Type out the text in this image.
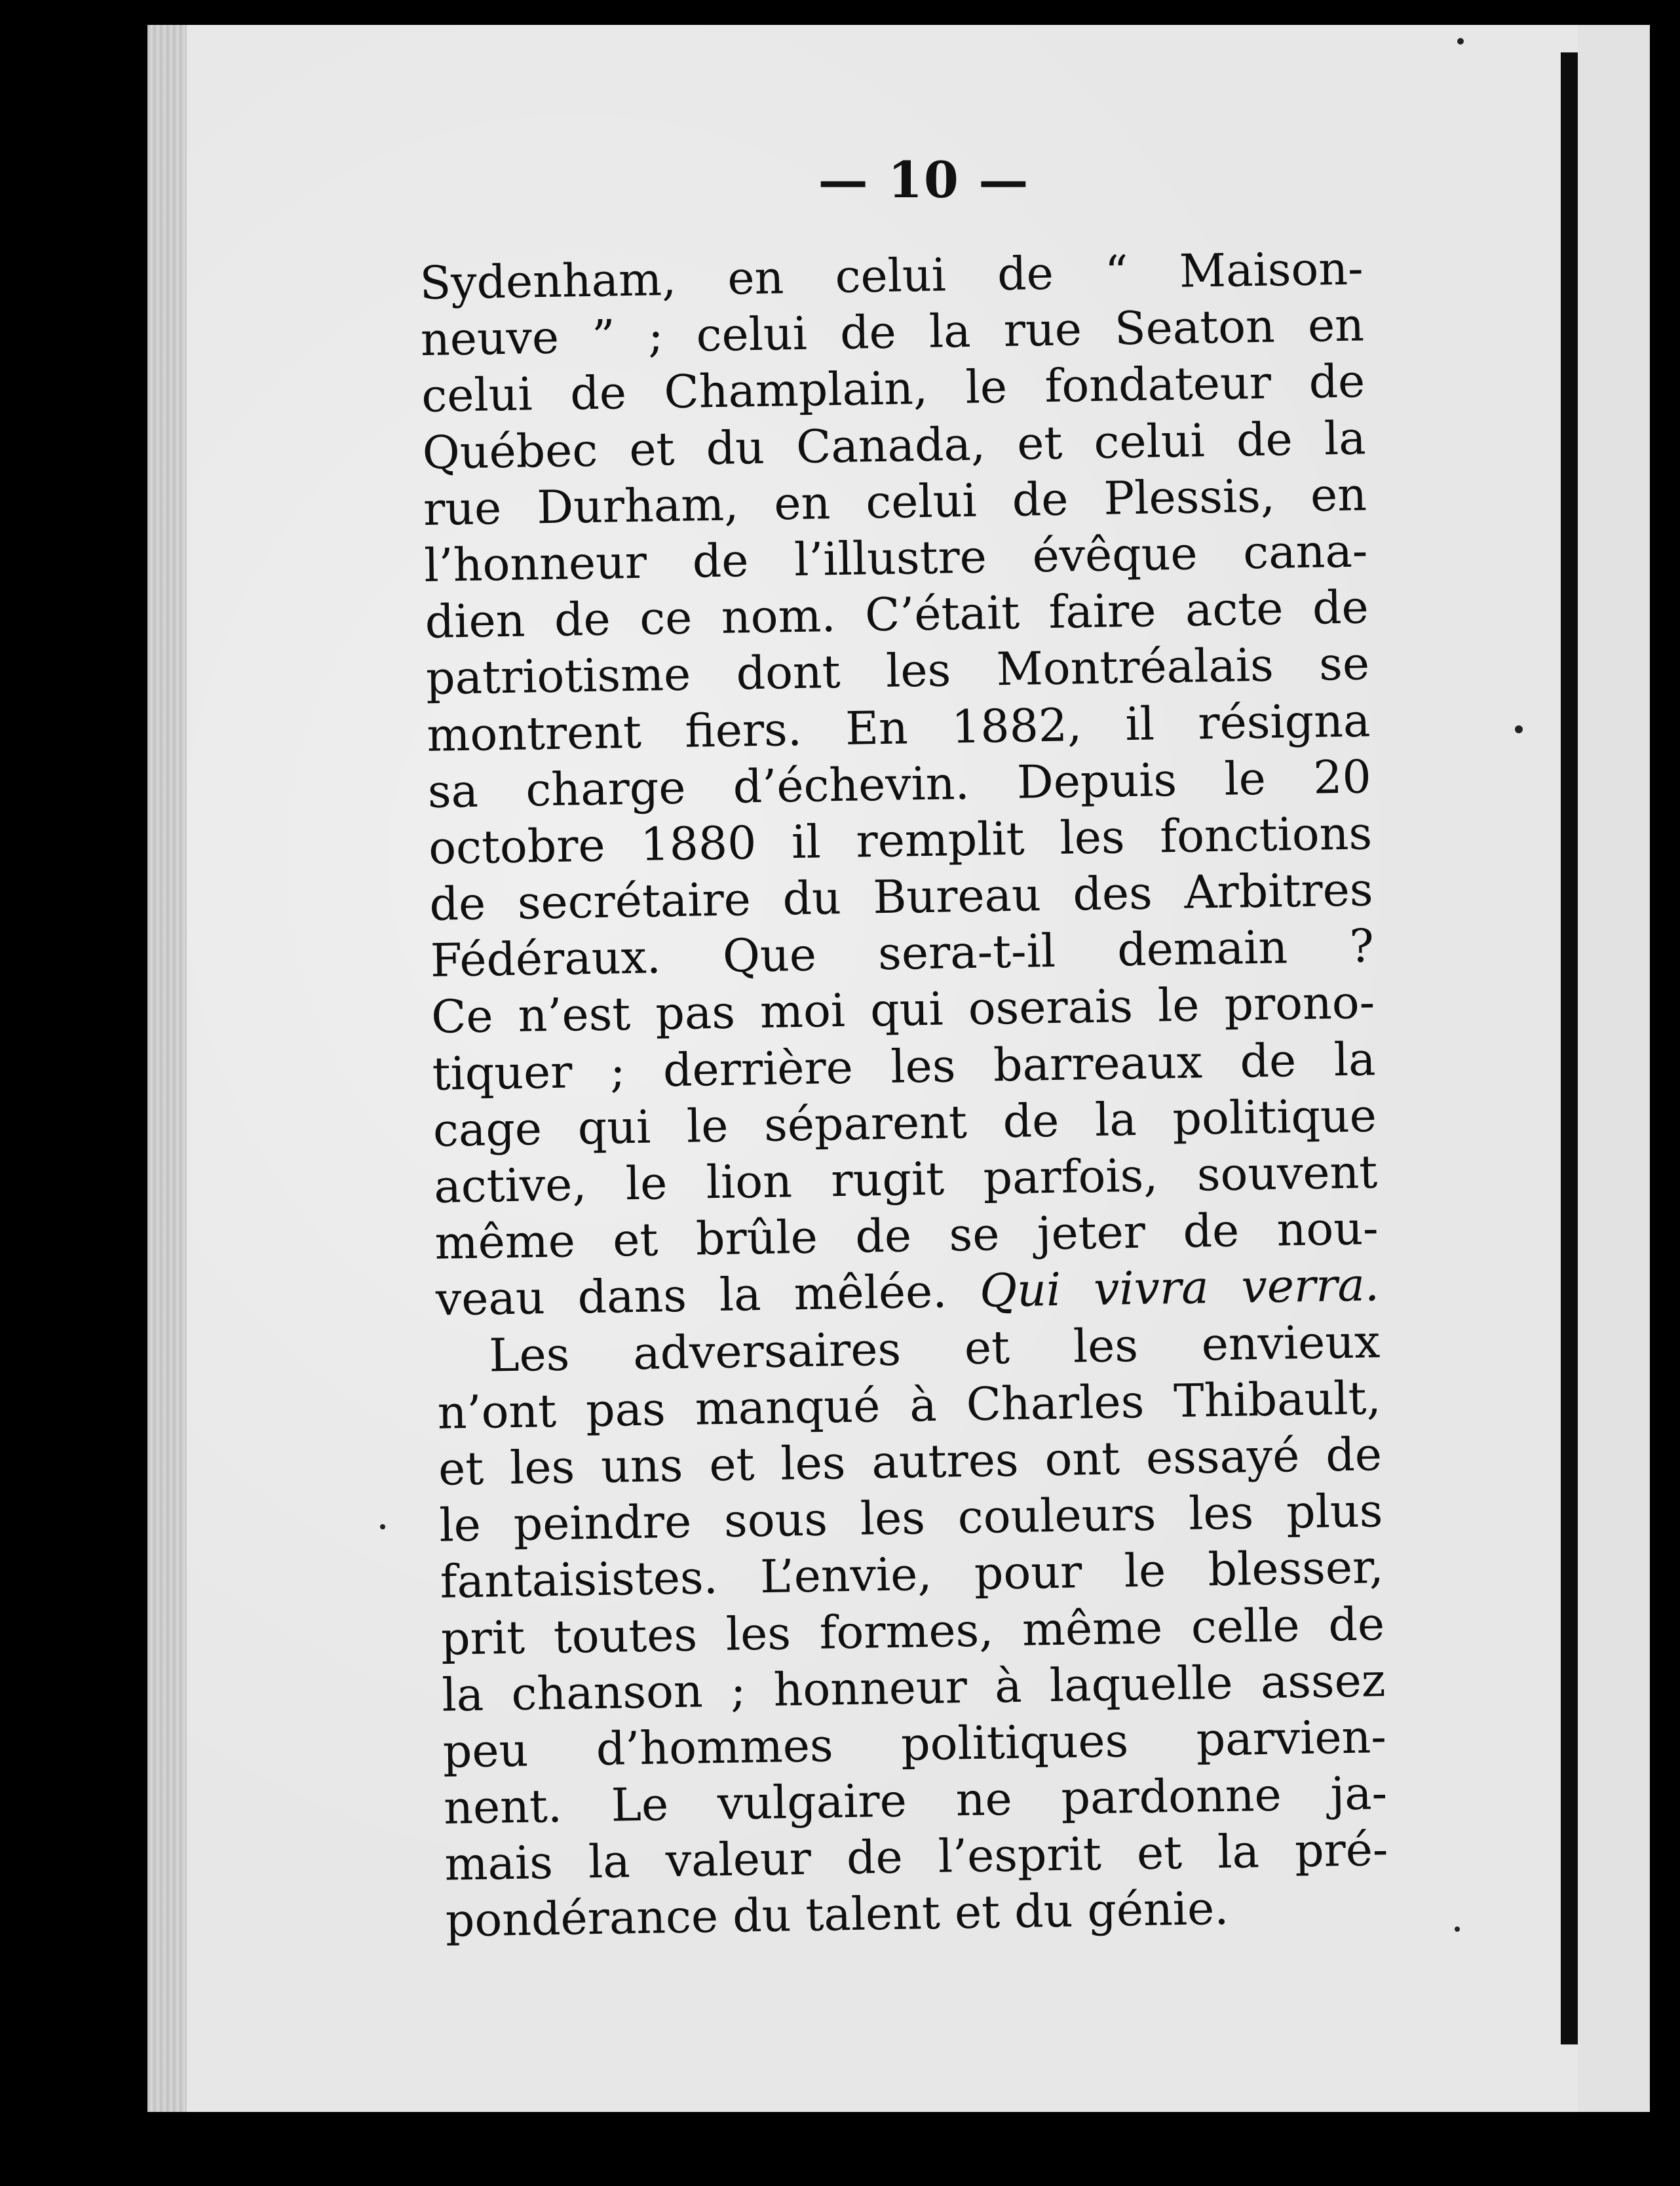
— 10 —
Sydenham, en celui de “ Maison-
neuve ” ; celui de la rue Seaton en
celui de Champlain, le fondateur de
Québec et du Canada, et celui de la
rue Durham, en celui de Plessis, en
l’honneur de l’illustre évêque cana-
dien de ce nom. C’était faire acte de
patriotisme dont les Montréalais se
montrent fiers. En 1882, il résigna
sa charge d’échevin. Depuis le 20
octobre 1880 il remplit les fonctions
de secrétaire du Bureau des Arbitres
Fédéraux. Que sera-t-il demain ?
Ce n’est pas moi qui oserais le prono-
tiquer ; derrière les barreaux de la
cage qui le séparent de la politique
active, le lion rugit parfois, souvent
même et brûle de se jeter de nou-
veau dans la mêlée. Qui vivra verra.
Les adversaires et les envieux
n’ont pas manqué à Charles Thibault,
et les uns et les autres ont essayé de
le peindre sous les couleurs les plus
fantaisistes. L’envie, pour le blesser,
prit toutes les formes, même celle de
la chanson ; honneur à laquelle assez
peu d’hommes politiques parvien-
nent. Le vulgaire ne pardonne ja-
mais la valeur de l’esprit et la pré-
pondérance du talent et du génie.
